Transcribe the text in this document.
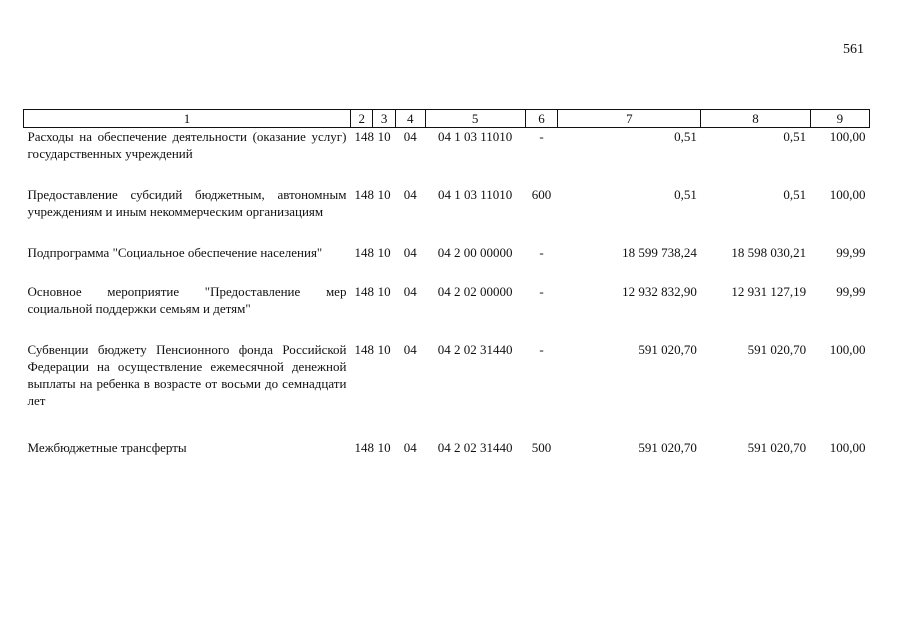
561
1	2	3	4	5	6	7	8	9
Расходы на обеспечение деятельности (оказание услуг) государственных учреждений	148	10	04	04 1 03 11010	-	0,51	0,51	100,00
Предоставление субсидий бюджетным, автономным учреждениям и иным некоммерческим организациям	148	10	04	04 1 03 11010	600	0,51	0,51	100,00
Подпрограмма "Социальное обеспечение населения"	148	10	04	04 2 00 00000	-	18 599 738,24	18 598 030,21	99,99
Основное мероприятие "Предоставление мер социальной поддержки семьям и детям"	148	10	04	04 2 02 00000	-	12 932 832,90	12 931 127,19	99,99
Субвенции бюджету Пенсионного фонда Российской Федерации на осуществление ежемесячной денежной выплаты на ребенка в возрасте от восьми до семнадцати лет	148	10	04	04 2 02 31440	-	591 020,70	591 020,70	100,00
Межбюджетные трансферты	148	10	04	04 2 02 31440	500	591 020,70	591 020,70	100,00
